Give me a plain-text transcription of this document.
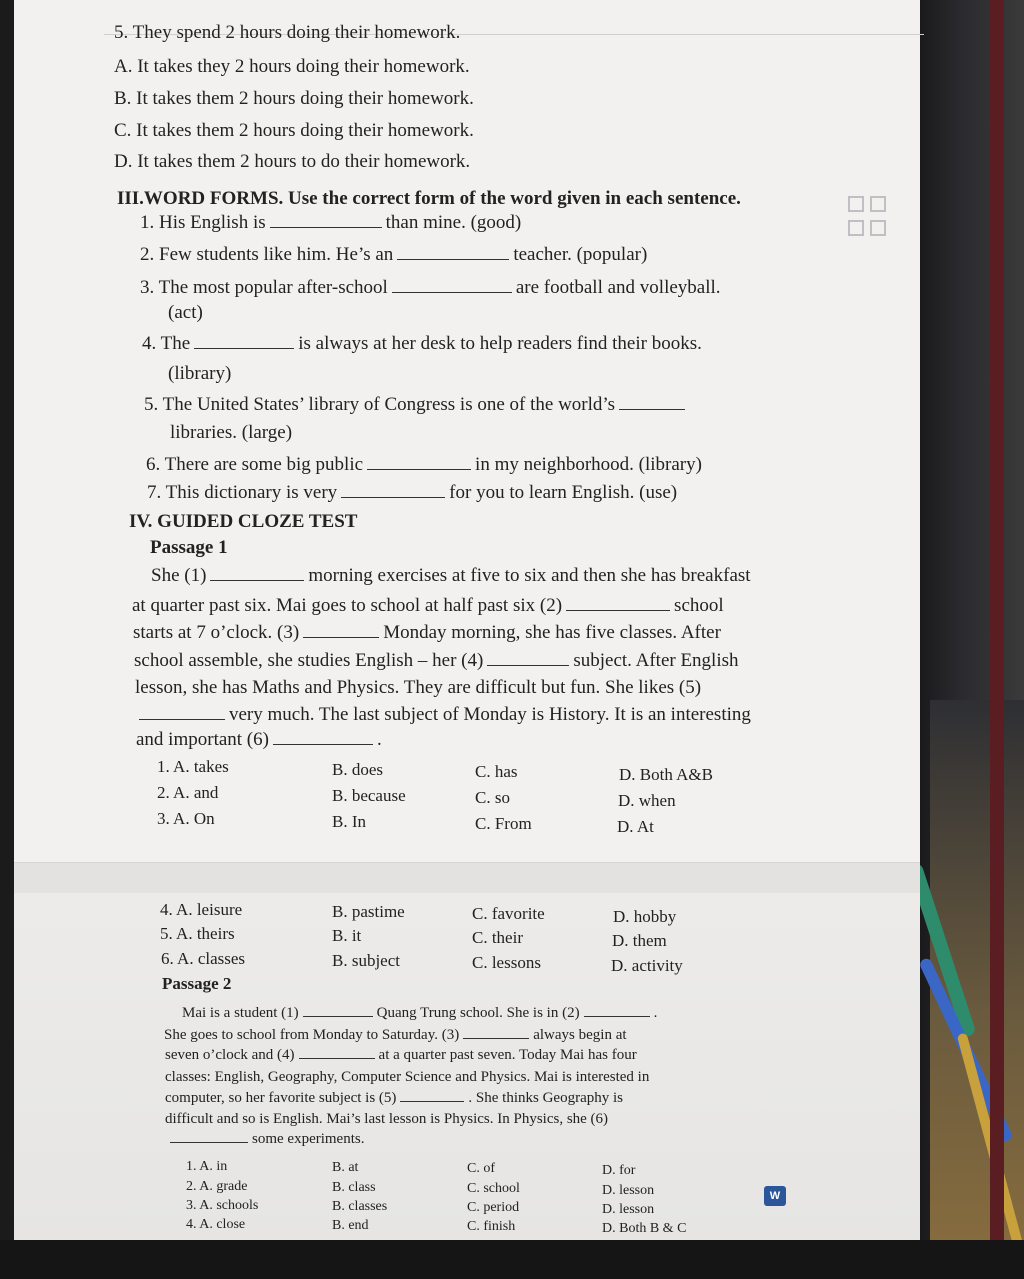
5. They spend 2 hours doing their homework.
A. It takes they 2 hours doing their homework.
B. It takes them 2 hours doing their homework.
C. It takes them 2 hours doing their homework.
D. It takes them 2 hours to do their homework.
III.WORD FORMS. Use the correct form of the word given in each sentence.
1. His English is	than mine. (good)
2. Few students like him. He’s an	teacher. (popular)
3. The most popular after-school	are football and volleyball.
(act)
4. The	is always at her desk to help readers find their books.
(library)
5. The United States’ library of Congress is one of the world’s
libraries. (large)
6. There are some big public	in my neighborhood. (library)
7. This dictionary is very	for you to learn English. (use)
IV. GUIDED CLOZE TEST
Passage 1
She (1)	morning exercises at five to six and then she has breakfast
at quarter past six. Mai goes to school at half past six (2)	school
starts at 7 o’clock. (3)	Monday morning, she has five classes. After
school assemble, she studies English – her (4)	subject. After English
lesson, she has Maths and Physics. They are difficult but fun. She likes (5)
very much. The last subject of Monday is History. It is an interesting
and important (6)	.
1. A. takes	B. does	C. has	D. Both A&B
2. A. and	B. because	C. so	D. when
3. A. On	B. In	C. From	D. At
4. A. leisure	B. pastime	C. favorite	D. hobby
5. A. theirs	B. it	C. their	D. them
6. A. classes	B. subject	C. lessons	D. activity
Passage 2
Mai is a student (1)	Quang Trung school. She is in (2)	.
She goes to school from Monday to Saturday. (3)	always begin at
seven o’clock and (4)	at a quarter past seven. Today Mai has four
classes: English, Geography, Computer Science and Physics. Mai is interested in
computer, so her favorite subject is (5)	. She thinks Geography is
difficult and so is English. Mai’s last lesson is Physics. In Physics, she (6)
some experiments.
1. A. in	B. at	C. of	D. for
2. A. grade	B. class	C. school	D. lesson
3. A. schools	B. classes	C. period	D. lesson
4. A. close	B. end	C. finish	D. Both B & C
W
